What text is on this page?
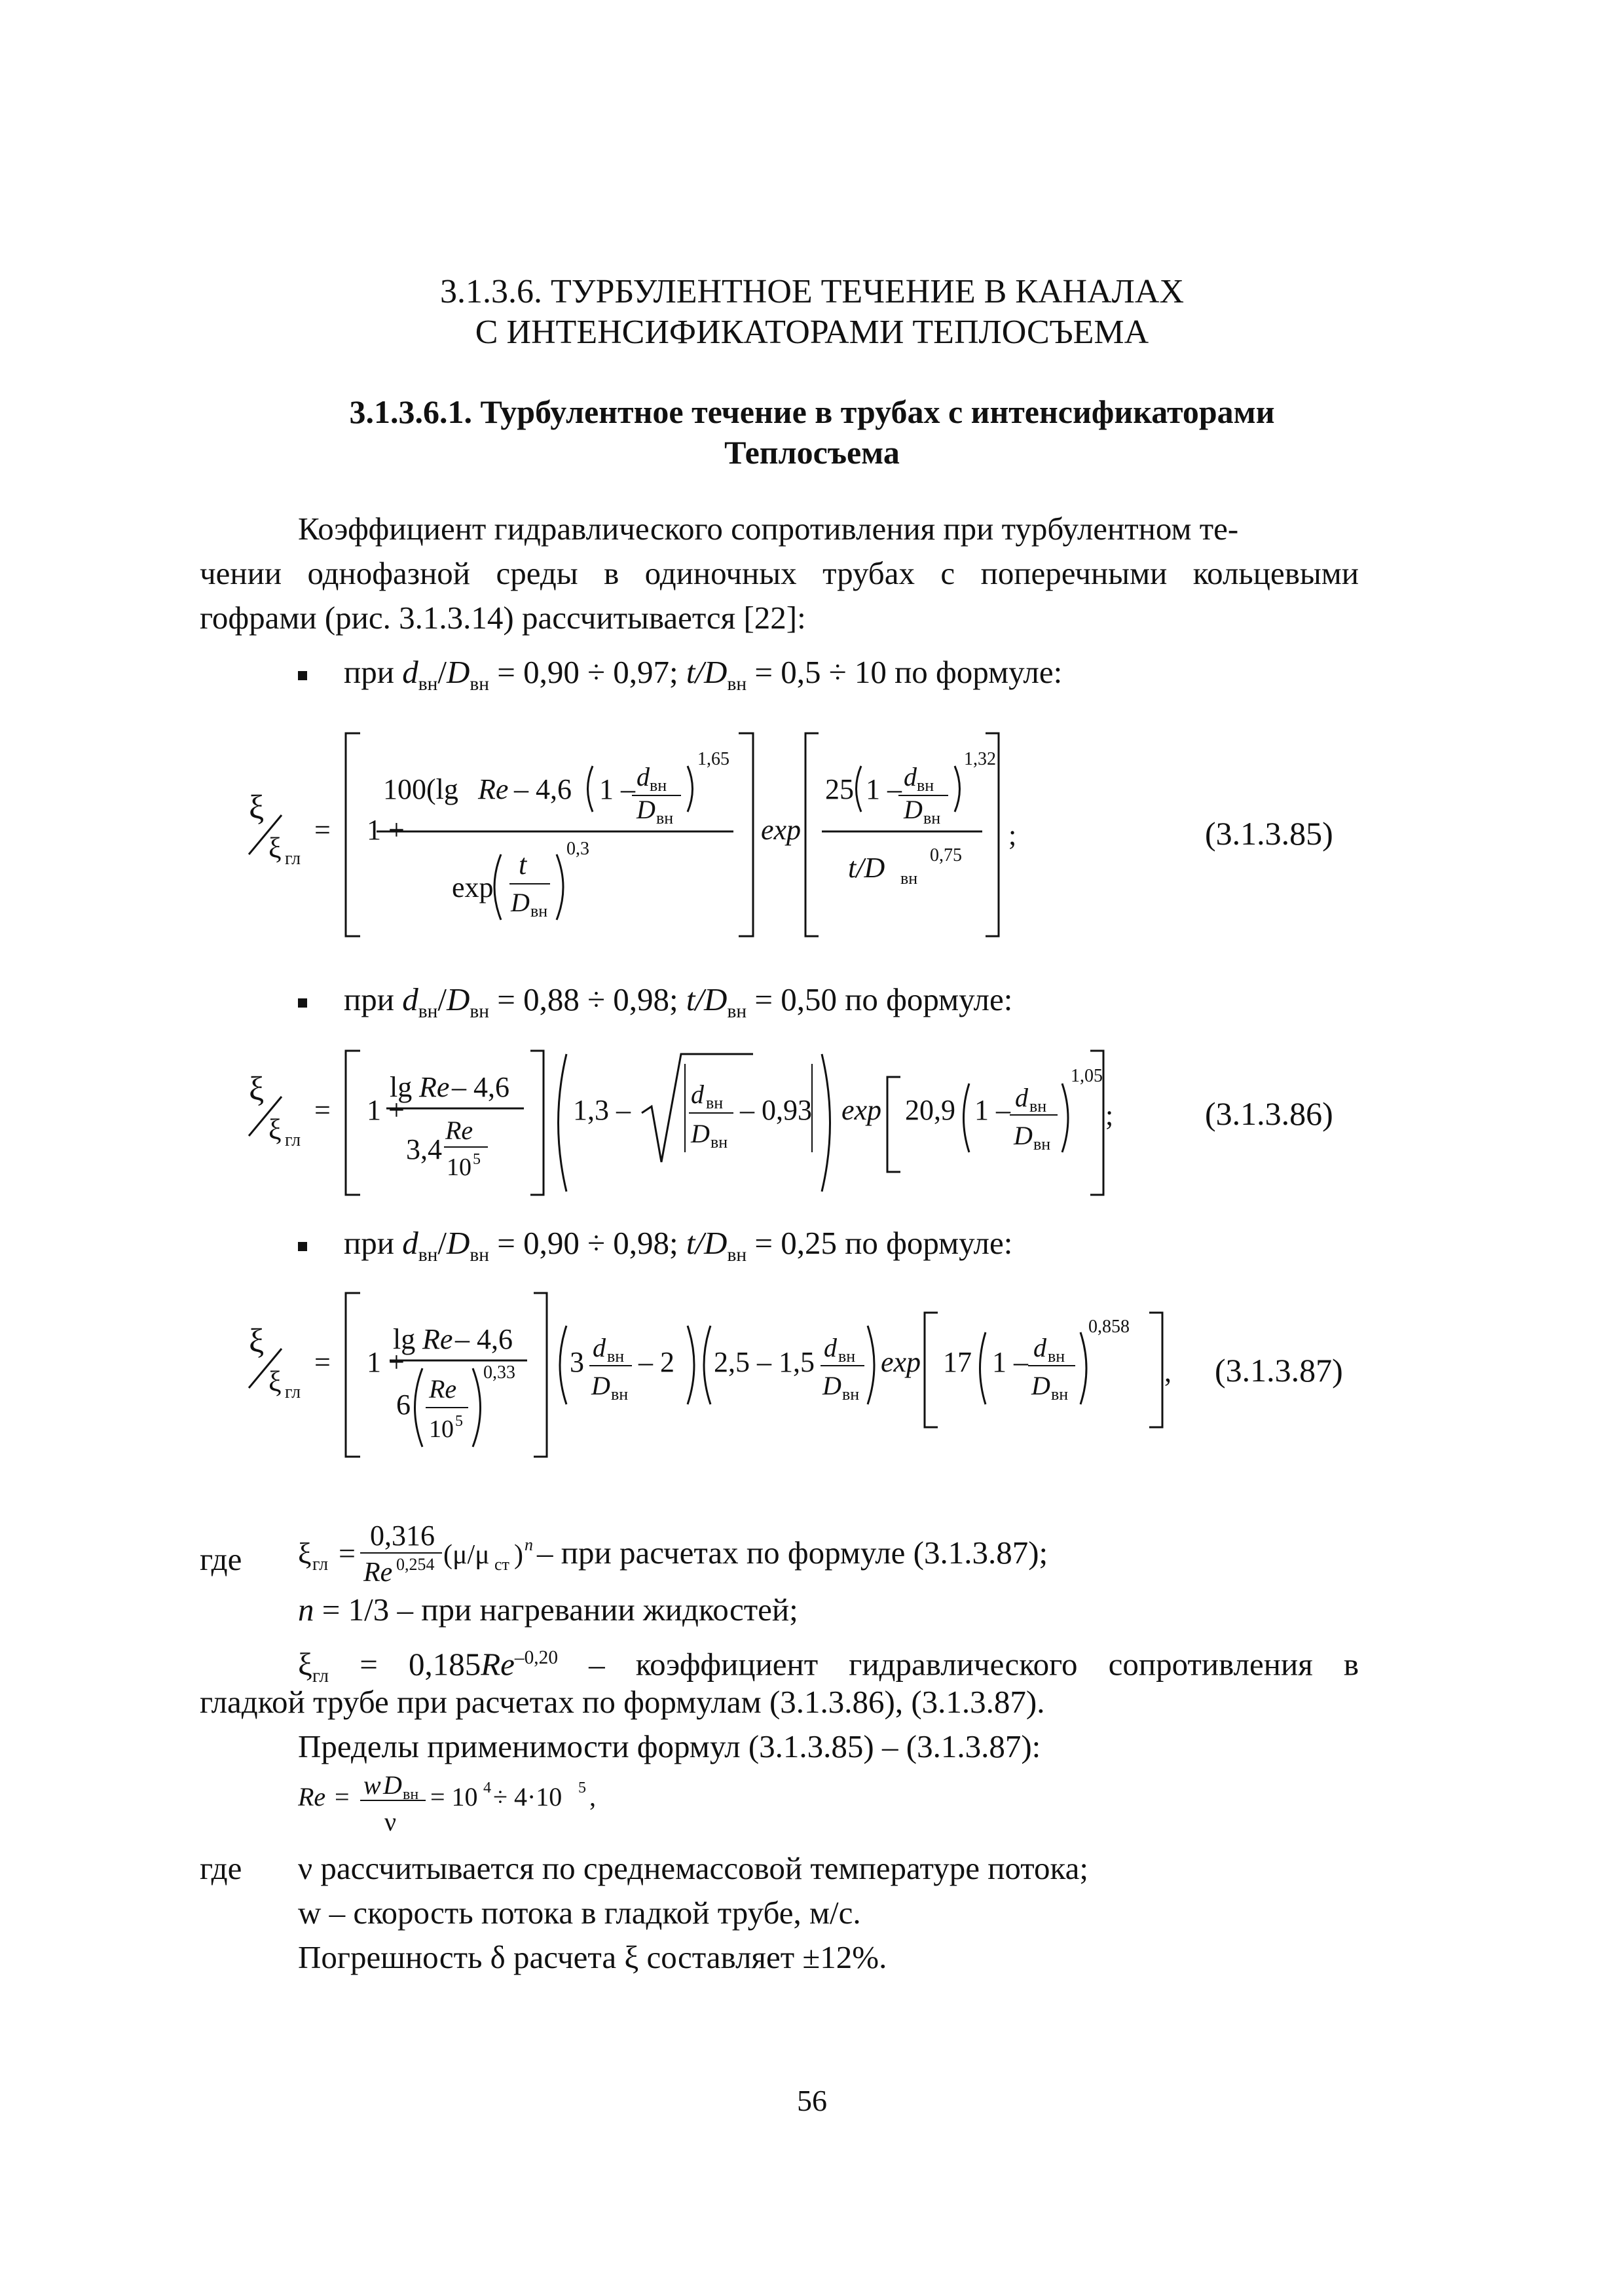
3.1.3.6. ТУРБУЛЕНТНОЕ ТЕЧЕНИЕ В КАНАЛАХ
С ИНТЕНСИФИКАТОРАМИ ТЕПЛОСЪЕМА
3.1.3.6.1. Турбулентное течение в трубах с интенсификаторами
Теплосъема
Коэффициент гидравлического сопротивления при турбулентном те-
чении однофазной среды в одиночных трубах с поперечными кольцевыми
гофрами (рис. 3.1.3.14) рассчитывается [22]:
при $d_{вн}/D_{вн} = 0,90 \div 0,97$; $t/D_{вн} = 0,5 \div 10$ по формуле:
ξ
ξ гл
= 1 +
100(lg Re – 4,6 1 – d вн
D вн
1,65
exp
t
D вн
0,3
exp
25 1 – d вн
D вн
1,32
t/D вн
0,75
;	(3.1.3.85)
при $d_{вн}/D_{вн} = 0,88 \div 0,98$; $t/D_{вн} = 0,50$ по формуле:
ξ
ξ гл
= 1 +
lg Re – 4,6
3,4
Re
10 5
1,3 – d вн
D вн
– 0,93 exp 20,9 1 – d вн
D вн
1,05
;	(3.1.3.86)
при $d_{вн}/D_{вн} = 0,90 \div 0,98$; $t/D_{вн} = 0,25$ по формуле:
ξ
ξ гл
= 1 +
lg Re – 4,6
6 Re
10 5
0,33 3 d вн
D вн
– 2 2,5 – 1,5 d вн
D вн
exp 17 1 – d вн
D вн
0,858
, (3.1.3.87)
где ξ гл =
0,316
Re 0,254 (μ/μ ст ) n – при расчетах по формуле (3.1.3.87);
n = 1/3 – при нагревании жидкостей;
$\xi_{гл} = 0,185Re^{-0,20}$ – коэффициент гидравлического сопротивления в
гладкой трубе при расчетах по формулам (3.1.3.86), (3.1.3.87).
Пределы применимости формул (3.1.3.85) – (3.1.3.87):
Re = w D вн
ν
= 10 4 ÷ 4·10 5 ,
где ν рассчитывается по среднемассовой температуре потока;
w – скорость потока в гладкой трубе, м/с.
Погрешность δ расчета ξ составляет ±12%.
56
